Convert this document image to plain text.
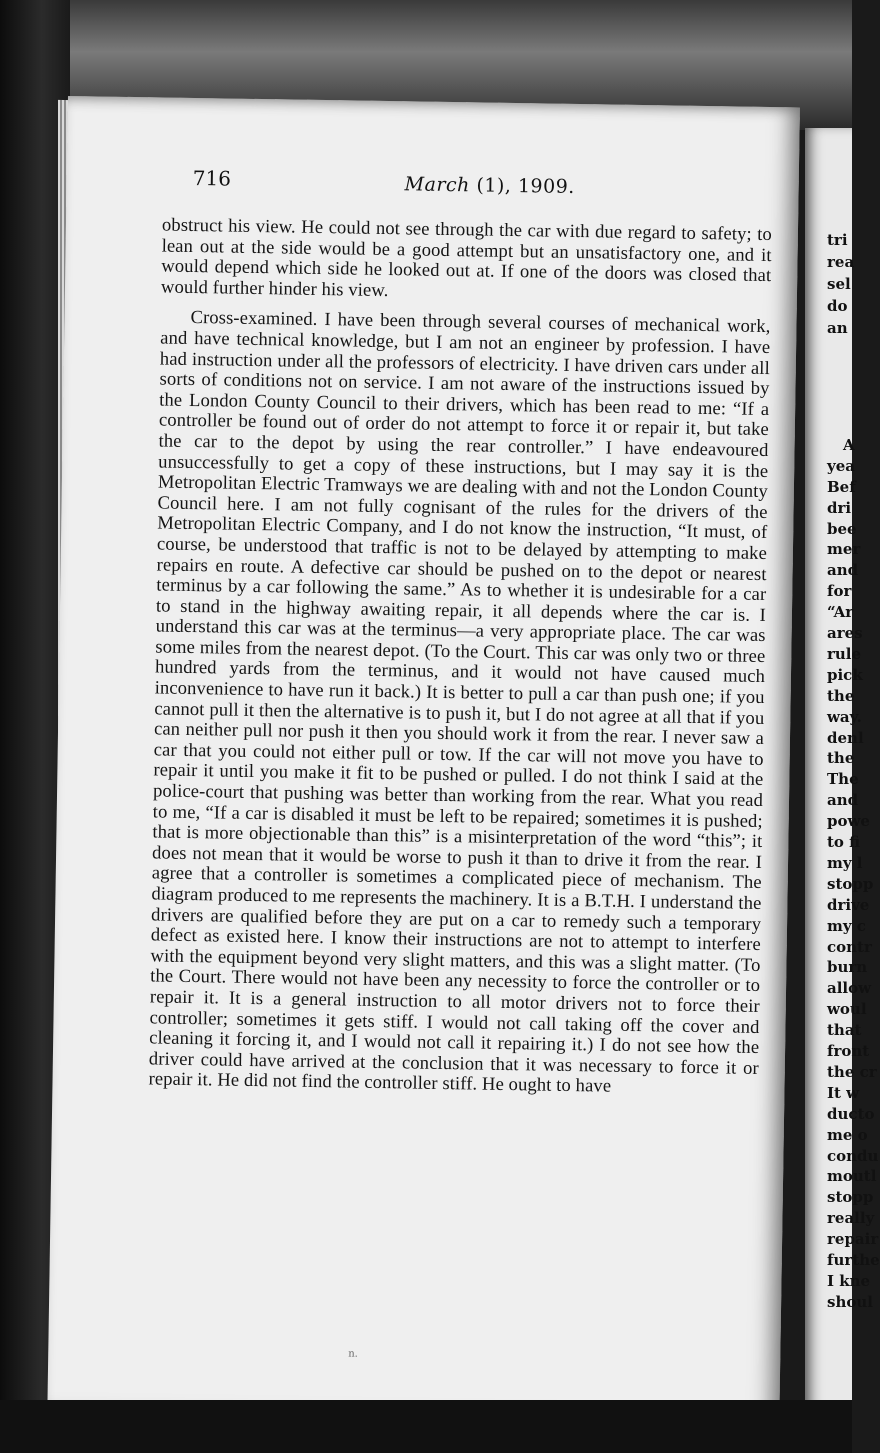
716	March (1), 1909.

obstruct his view. He could not see through the car with due regard to safety; to lean out at the side would be a good attempt but an unsatisfactory one, and it would depend which side he looked out at. If one of the doors was closed that would further hinder his view.

Cross-examined. I have been through several courses of mechanical work, and have technical knowledge, but I am not an engineer by profession. I have had instruction under all the professors of electricity. I have driven cars under all sorts of conditions not on service. I am not aware of the instructions issued by the London County Council to their drivers, which has been read to me: “If a controller be found out of order do not attempt to force it or repair it, but take the car to the depot by using the rear controller.” I have endeavoured unsuccessfully to get a copy of these instructions, but I may say it is the Metropolitan Electric Tramways we are dealing with and not the London County Council here. I am not fully cognisant of the rules for the drivers of the Metropolitan Electric Company, and I do not know the instruction, “It must, of course, be understood that traffic is not to be delayed by attempting to make repairs en route. A defective car should be pushed on to the depot or nearest terminus by a car following the same.” As to whether it is undesirable for a car to stand in the highway awaiting repair, it all depends where the car is. I understand this car was at the terminus—a very appropriate place. The car was some miles from the nearest depot. (To the Court. This car was only two or three hundred yards from the terminus, and it would not have caused much inconvenience to have run it back.) It is better to pull a car than push one; if you cannot pull it then the alternative is to push it, but I do not agree at all that if you can neither pull nor push it then you should work it from the rear. I never saw a car that you could not either pull or tow. If the car will not move you have to repair it until you make it fit to be pushed or pulled. I do not think I said at the police-court that pushing was better than working from the rear. What you read to me, “If a car is disabled it must be left to be repaired; sometimes it is pushed; that is more objectionable than this” is a misinterpretation of the word “this”; it does not mean that it would be worse to push it than to drive it from the rear. I agree that a controller is sometimes a complicated piece of mechanism. The diagram produced to me represents the machinery. It is a B.T.H. I understand the drivers are qualified before they are put on a car to remedy such a temporary defect as existed here. I know their instructions are not to attempt to interfere with the equipment beyond very slight matters, and this was a slight matter. (To the Court. There would not have been any necessity to force the controller or to repair it. It is a general instruction to all motor drivers not to force their controller; sometimes it gets stiff. I would not call taking off the cover and cleaning it forcing it, and I would not call it repairing it.) I do not see how the driver could have arrived at the conclusion that it was necessary to force it or repair it. He did not find the controller stiff. He ought to have

n.
tri
rea
sel
do
an
A
yea
Bef
dri
bee
mer
and
for
“Ar
ares
rule
pick
the
way.
denl
the
The
and
powe
to fi
my l
stopp
drive
my c
contr
burn
allow
woul
that
front
the cr
It w
ducto
me o
condu
moutl
stopp
really
repair
furthe
I kne
shoul
